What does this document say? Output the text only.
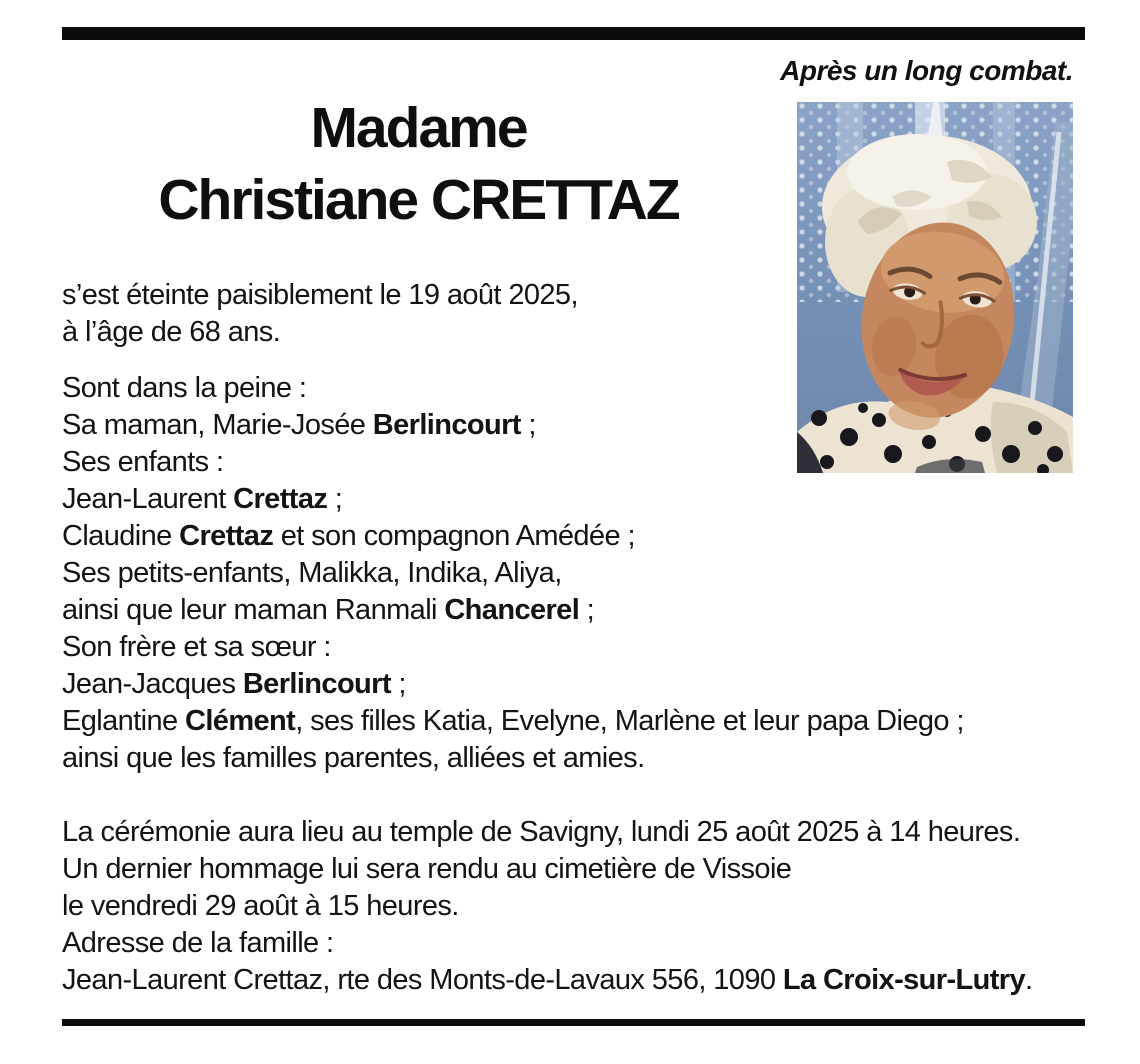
Après un long combat.
Madame
Christiane CRETTAZ
s’est éteinte paisiblement le 19 août 2025,
à l’âge de 68 ans.
Sont dans la peine :
Sa maman, Marie-Josée Berlincourt ;
Ses enfants :
Jean-Laurent Crettaz ;
Claudine Crettaz et son compagnon Amédée ;
Ses petits-enfants, Malikka, Indika, Aliya,
ainsi que leur maman Ranmali Chancerel ;
Son frère et sa sœur :
Jean-Jacques Berlincourt ;
Eglantine Clément, ses filles Katia, Evelyne, Marlène et leur papa Diego ;
ainsi que les familles parentes, alliées et amies.
La cérémonie aura lieu au temple de Savigny, lundi 25 août 2025 à 14 heures.
Un dernier hommage lui sera rendu au cimetière de Vissoie
le vendredi 29 août à 15 heures.
Adresse de la famille :
Jean-Laurent Crettaz, rte des Monts-de-Lavaux 556, 1090 La Croix-sur-Lutry.
